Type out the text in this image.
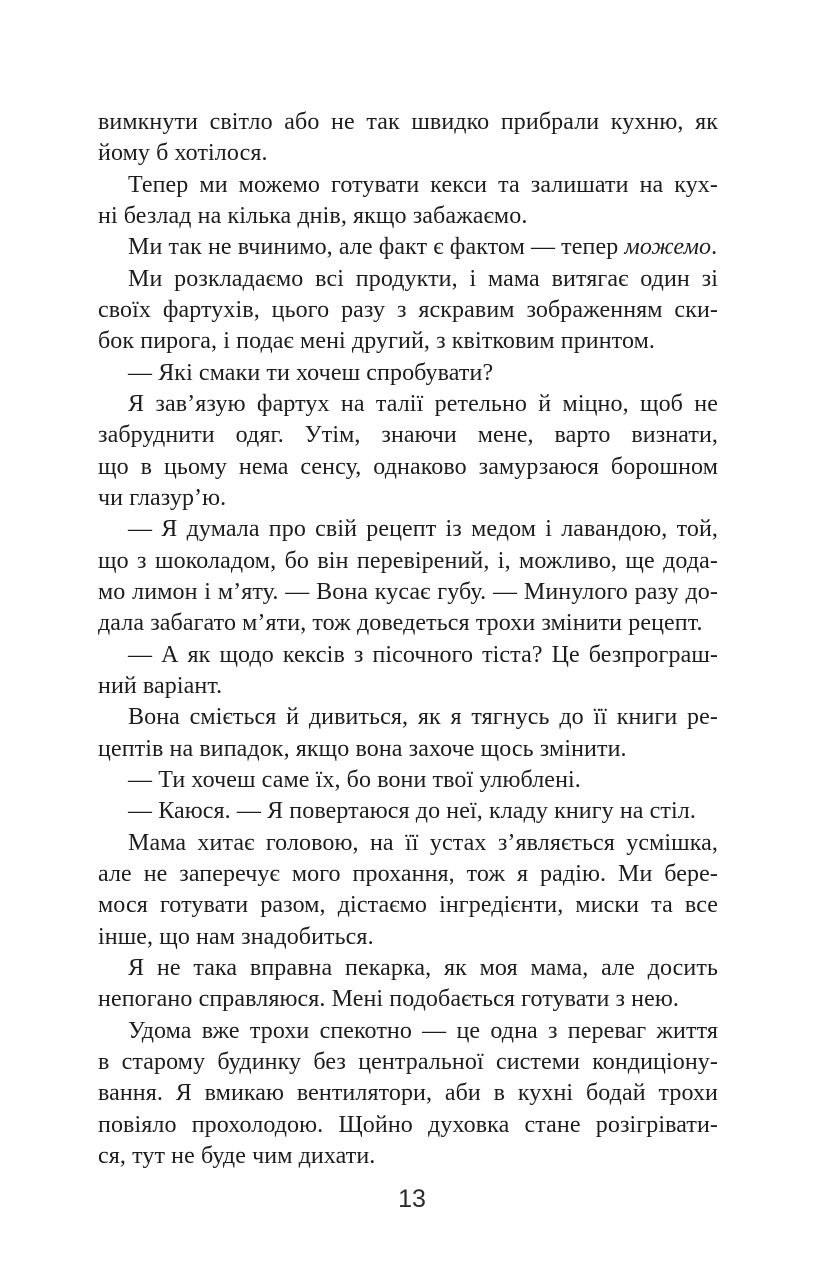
вимкнути світло або не так швидко прибрали кухню, як
йому б хотілося.
Тепер ми можемо готувати кекси та залишати на кух-
ні безлад на кілька днів, якщо забажаємо.
Ми так не вчинимо, але факт є фактом — тепер можемо.
Ми розкладаємо всі продукти, і мама витягає один зі
своїх фартухів, цього разу з яскравим зображенням ски-
бок пирога, і подає мені другий, з квітковим принтом.
— Які смаки ти хочеш спробувати?
Я зав’язую фартух на талії ретельно й міцно, щоб не
забруднити одяг. Утім, знаючи мене, варто визнати,
що в цьому нема сенсу, однаково замурзаюся борошном
чи глазур’ю.
— Я думала про свій рецепт із медом і лавандою, той,
що з шоколадом, бо він перевірений, і, можливо, ще дода-
мо лимон і м’яту. — Вона кусає губу. — Минулого разу до-
дала забагато м’яти, тож доведеться трохи змінити рецепт.
— А як щодо кексів з пісочного тіста? Це безпрограш-
ний варіант.
Вона сміється й дивиться, як я тягнусь до її книги ре-
цептів на випадок, якщо вона захоче щось змінити.
— Ти хочеш саме їх, бо вони твої улюблені.
— Каюся. — Я повертаюся до неї, кладу книгу на стіл.
Мама хитає головою, на її устах з’являється усмішка,
але не заперечує мого прохання, тож я радію. Ми бере-
мося готувати разом, дістаємо інгредієнти, миски та все
інше, що нам знадобиться.
Я не така вправна пекарка, як моя мама, але досить
непогано справляюся. Мені подобається готувати з нею.
Удома вже трохи спекотно — це одна з переваг життя
в старому будинку без центральної системи кондиціону-
вання. Я вмикаю вентилятори, аби в кухні бодай трохи
повіяло прохолодою. Щойно духовка стане розігрівати-
ся, тут не буде чим дихати.
13
